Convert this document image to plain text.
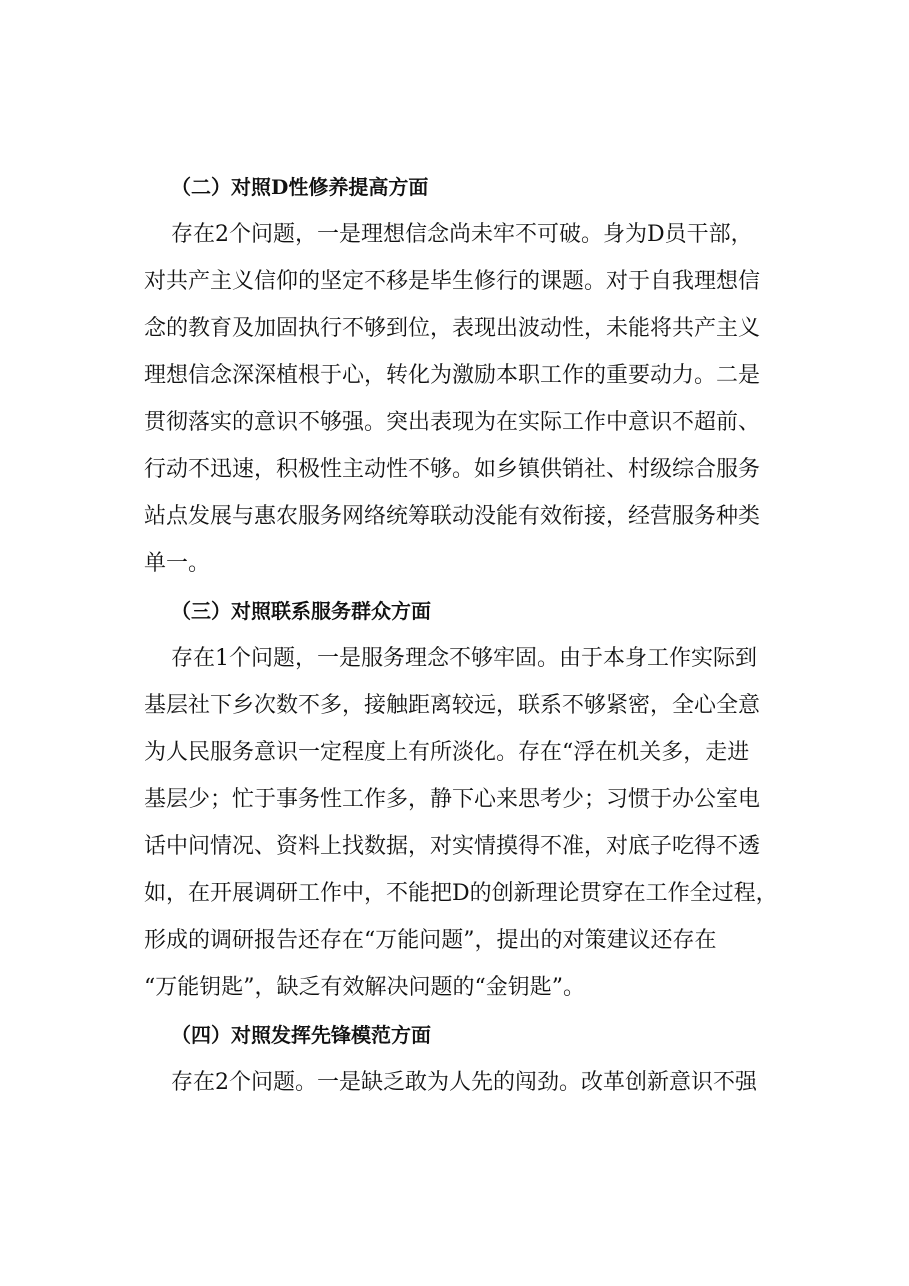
（二）对照D性修养提高方面

存在2个问题，一是理想信念尚未牢不可破。身为D员干部，
对共产主义信仰的坚定不移是毕生修行的课题。对于自我理想信
念的教育及加固执行不够到位，表现出波动性，未能将共产主义
理想信念深深植根于心，转化为激励本职工作的重要动力。二是
贯彻落实的意识不够强。突出表现为在实际工作中意识不超前、
行动不迅速，积极性主动性不够。如乡镇供销社、村级综合服务
站点发展与惠农服务网络统筹联动没能有效衔接，经营服务种类
单一。

（三）对照联系服务群众方面

存在1个问题，一是服务理念不够牢固。由于本身工作实际到
基层社下乡次数不多，接触距离较远，联系不够紧密，全心全意
为人民服务意识一定程度上有所淡化。存在“浮在机关多，走进
基层少；忙于事务性工作多，静下心来思考少；习惯于办公室电
话中问情况、资料上找数据，对实情摸得不准，对底子吃得不透
如，在开展调研工作中，不能把D的创新理论贯穿在工作全过程，
形成的调研报告还存在“万能问题”，提出的对策建议还存在
“万能钥匙”，缺乏有效解决问题的“金钥匙”。

（四）对照发挥先锋模范方面

存在2个问题。一是缺乏敢为人先的闯劲。改革创新意识不强
